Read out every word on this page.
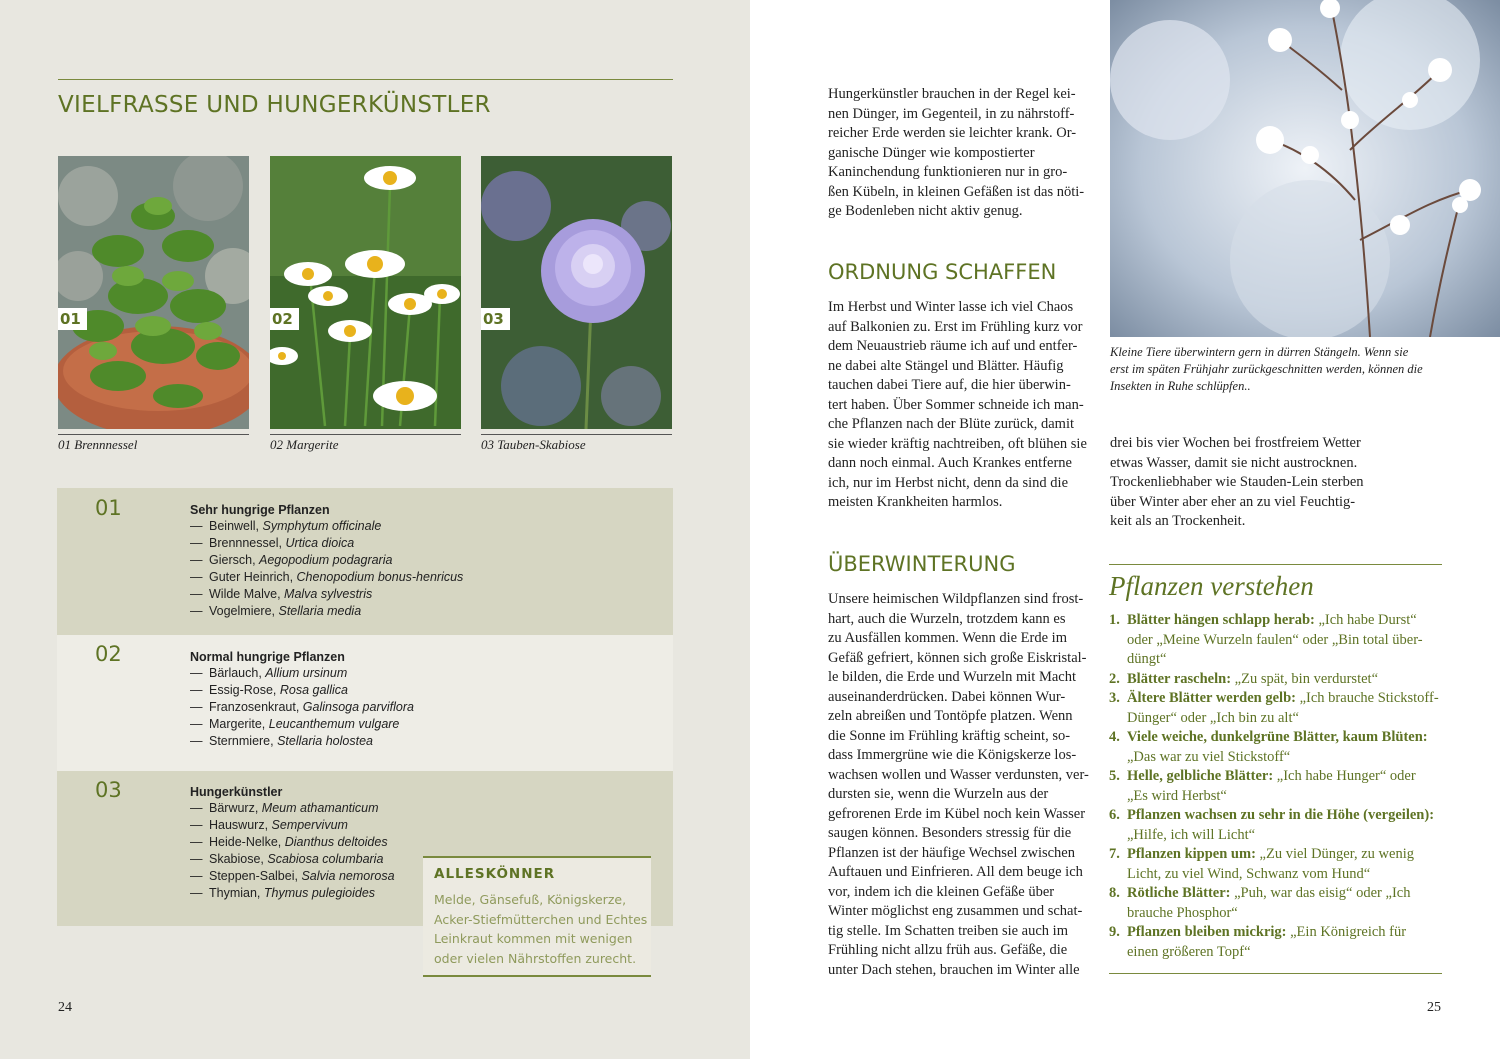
VIELFRASSE UND HUNGERKÜNSTLER
01
01 Brennnessel
02
02 Margerite
03
03 Tauben-Skabiose
01	Sehr hungrige Pflanzen
— Beinwell, Symphytum officinale
— Brennnessel, Urtica dioica
— Giersch, Aegopodium podagraria
— Guter Heinrich, Chenopodium bonus-henricus
— Wilde Malve, Malva sylvestris
— Vogelmiere, Stellaria media
02	Normal hungrige Pflanzen
— Bärlauch, Allium ursinum
— Essig-Rose, Rosa gallica
— Franzosenkraut, Galinsoga parviflora
— Margerite, Leucanthemum vulgare
— Sternmiere, Stellaria holostea
03	Hungerkünstler
— Bärwurz, Meum athamanticum
— Hauswurz, Sempervivum
— Heide-Nelke, Dianthus deltoides
— Skabiose, Scabiosa columbaria
— Steppen-Salbei, Salvia nemorosa
— Thymian, Thymus pulegioides
ALLESKÖNNER
Melde, Gänsefuß, Königskerze,
Acker-Stiefmütterchen und Echtes
Leinkraut kommen mit wenigen
oder vielen Nährstoffen zurecht.
24
Hungerkünstler brauchen in der Regel kei-
nen Dünger, im Gegenteil, in zu nährstoff-
reicher Erde werden sie leichter krank. Or-
ganische Dünger wie kompostierter
Kaninchendung funktionieren nur in gro-
ßen Kübeln, in kleinen Gefäßen ist das nöti-
ge Bodenleben nicht aktiv genug.
ORDNUNG SCHAFFEN
Im Herbst und Winter lasse ich viel Chaos
auf Balkonien zu. Erst im Frühling kurz vor
dem Neuaustrieb räume ich auf und entfer-
ne dabei alte Stängel und Blätter. Häufig
tauchen dabei Tiere auf, die hier überwin-
tert haben. Über Sommer schneide ich man-
che Pflanzen nach der Blüte zurück, damit
sie wieder kräftig nachtreiben, oft blühen sie
dann noch einmal. Auch Krankes entferne
ich, nur im Herbst nicht, denn da sind die
meisten Krankheiten harmlos.
ÜBERWINTERUNG
Unsere heimischen Wildpflanzen sind frost-
hart, auch die Wurzeln, trotzdem kann es
zu Ausfällen kommen. Wenn die Erde im
Gefäß gefriert, können sich große Eiskristal-
le bilden, die Erde und Wurzeln mit Macht
auseinanderdrücken. Dabei können Wur-
zeln abreißen und Tontöpfe platzen. Wenn
die Sonne im Frühling kräftig scheint, so-
dass Immergrüne wie die Königskerze los-
wachsen wollen und Wasser verdunsten, ver-
dursten sie, wenn die Wurzeln aus der
gefrorenen Erde im Kübel noch kein Wasser
saugen können. Besonders stressig für die
Pflanzen ist der häufige Wechsel zwischen
Auftauen und Einfrieren. All dem beuge ich
vor, indem ich die kleinen Gefäße über
Winter möglichst eng zusammen und schat-
tig stelle. Im Schatten treiben sie auch im
Frühling nicht allzu früh aus. Gefäße, die
unter Dach stehen, brauchen im Winter alle
Kleine Tiere überwintern gern in dürren Stängeln. Wenn sie
erst im späten Frühjahr zurückgeschnitten werden, können die
Insekten in Ruhe schlüpfen..
drei bis vier Wochen bei frostfreiem Wetter
etwas Wasser, damit sie nicht austrocknen.
Trockenliebhaber wie Stauden-Lein sterben
über Winter aber eher an zu viel Feuchtig-
keit als an Trockenheit.
Pflanzen verstehen
1. Blätter hängen schlapp herab: „Ich habe Durst“
oder „Meine Wurzeln faulen“ oder „Bin total über-
düngt“
2. Blätter rascheln: „Zu spät, bin verdurstet“
3. Ältere Blätter werden gelb: „Ich brauche Stickstoff-
Dünger“ oder „Ich bin zu alt“
4. Viele weiche, dunkelgrüne Blätter, kaum Blüten:
„Das war zu viel Stickstoff“
5. Helle, gelbliche Blätter: „Ich habe Hunger“ oder
„Es wird Herbst“
6. Pflanzen wachsen zu sehr in die Höhe (vergeilen):
„Hilfe, ich will Licht“
7. Pflanzen kippen um: „Zu viel Dünger, zu wenig
Licht, zu viel Wind, Schwanz vom Hund“
8. Rötliche Blätter: „Puh, war das eisig“ oder „Ich
brauche Phosphor“
9. Pflanzen bleiben mickrig: „Ein Königreich für
einen größeren Topf“
25
